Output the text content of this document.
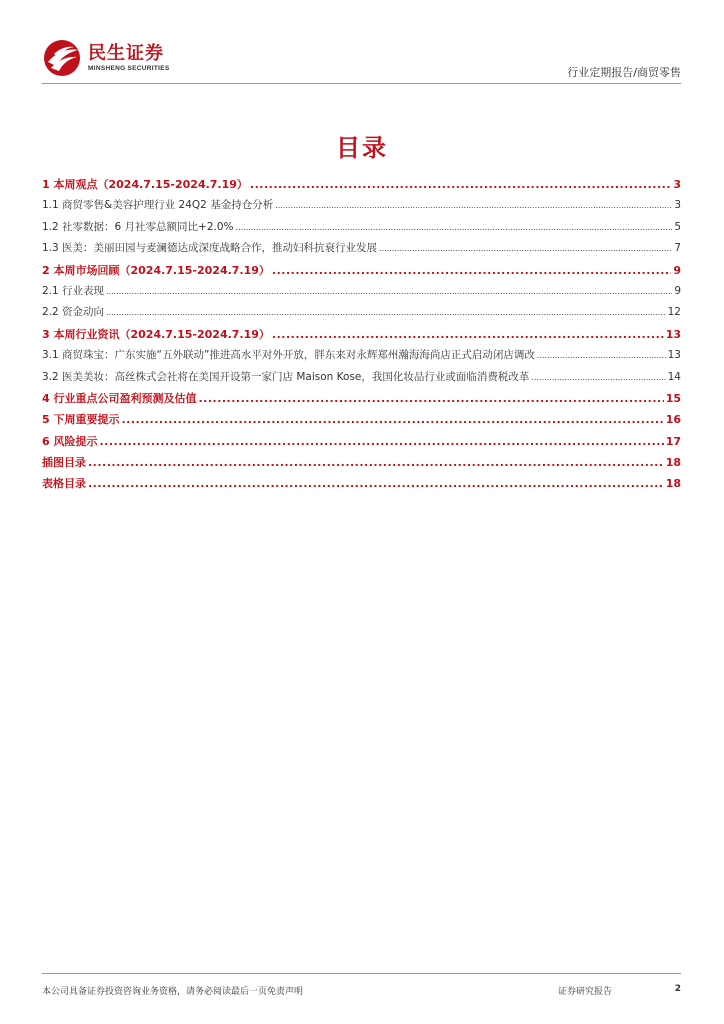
民生证券
MINSHENG SECURITIES	行业定期报告/商贸零售
目录
1 本周观点（2024.7.15-2024.7.19） .....	3
1.1 商贸零售&美容护理行业 24Q2 基金持仓分析 .....	3
1.2 社零数据：6 月社零总额同比+2.0% .....	5
1.3 医美：美丽田园与麦澜德达成深度战略合作，推动妇科抗衰行业发展 .....	7
2 本周市场回顾（2024.7.15-2024.7.19） .....	9
2.1 行业表现 .....	9
2.2 资金动向 .....	12
3 本周行业资讯（2024.7.15-2024.7.19） .....	13
3.1 商贸珠宝：广东实施“五外联动”推进高水平对外开放，胖东来对永辉郑州瀚海海尚店正式启动闭店调改 .....	13
3.2 医美美妆：高丝株式会社将在美国开设第一家门店 Maison Kose，我国化妆品行业或面临消费税改革 .....	14
4 行业重点公司盈利预测及估值 .....	15
5 下周重要提示 .....	16
6 风险提示 .....	17
插图目录 .....	18
表格目录 .....	18
本公司具备证券投资咨询业务资格，请务必阅读最后一页免责声明	证券研究报告	2
